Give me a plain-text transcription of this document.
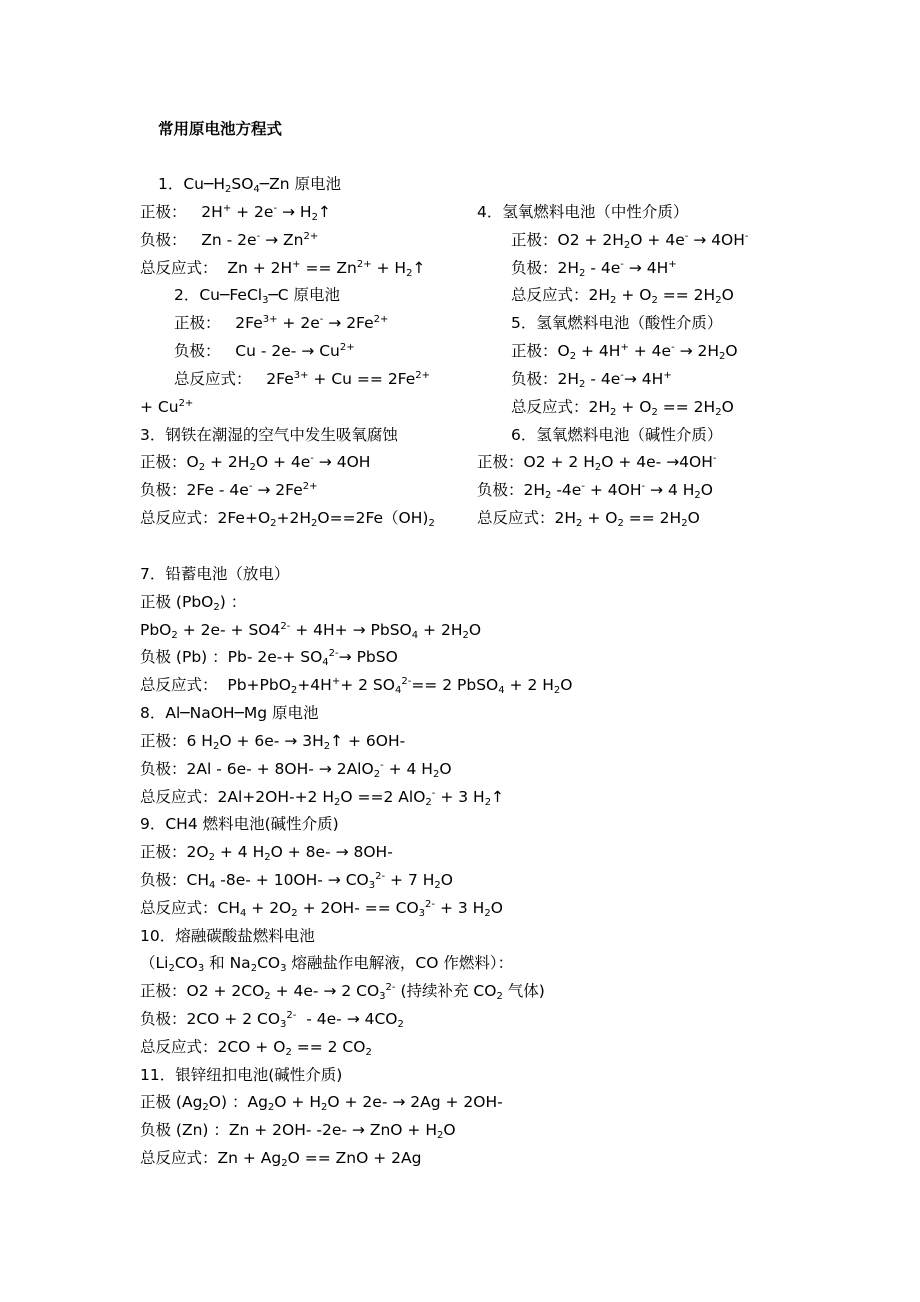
常用原电池方程式
1．$Cu─H_2SO_4─Zn$ 原电池
正极：   $2H^+ + 2e^- \to H_2↑$
负极：   $Zn - 2e^- \to Zn^{2+}$
总反应式：  $Zn + 2H^+ == Zn^{2+}$ + $H_2↑$
2．Cu─FeCl$_3$─C 原电池
正极：   $2Fe^{3+} + 2e^- \to 2Fe^{2+}$
负极：   $Cu - 2e- \to Cu^{2+}$
总反应式：   $2Fe^{3+} + Cu == 2Fe^{2+}$
+ $Cu^{2+}$
3．钢铁在潮湿的空气中发生吸氧腐蚀
正极：$O_2 + 2H_2O + 4e^- \to 4OH$
负极：$2Fe - 4e^- \to 2Fe^{2+}$
总反应式：$2Fe+O_2+2H_2O==2Fe(OH)_2$
4．氢氧燃料电池（中性介质）
正极：$O2 + 2H_2O + 4e^- \to 4OH^-$
负极：$2H_2 - 4e^- \to 4H^+$
总反应式：$2H_2 + O_2 == 2H_2O$
5．氢氧燃料电池（酸性介质）
正极：$O_2 + 4H^+ + 4e^- \to 2H_2O$
负极：$2H_2 - 4e^-\to 4H^+$
总反应式：$2H_2 + O_2 == 2H_2O$
6．氢氧燃料电池（碱性介质）
正极：O2 + 2 $H_2O + 4e- \to 4OH^-$
负极：$2H_2$ -4e- + 4OH- → 4 $H_2O$
总反应式：$2H_2 + O_2 == 2H_2O$
7．铅蓄电池（放电）
正极 (PbO$_2$) ：
$PbO_2 + 2e- + SO4^{2-} + 4H+$ → PbSO$_4$ + $2H_2O$
负极 (Pb) ：Pb- $2e-+ SO_4^{2-}\to$ PbSO
总反应式：  Pb+PbO$_2$+4H++ 2 $SO_4^{2-}== 2$ PbSO$_4$ + 2 $H_2O$
8．Al─NaOH─Mg 原电池
正极：6 $H_2O + 6e-$ → $3H_2↑ + 6OH-$
负极：2Al - 6e- + 8OH- → 2AlO$_2$- + 4 $H_2O$
总反应式：2Al+2OH-+2 $H_2O ==2$ AlO$_2$- + 3 $H_2↑$
9．CH4 燃料电池(碱性介质)
正极：$2O_2 + 4$ $H_2O + 8e- \to 8OH-$
负极：$CH_4$ $-8e- + 10OH- \to CO_3^{2-} + 7$ $H_2O$
总反应式：$CH_4 + 2O_2 + 2OH- == CO_3^{2-} + 3$ $H_2O$
10．熔融碳酸盐燃料电池
（$Li_2CO_3$ 和 $Na_2CO_3$ 熔融盐作电解液，CO 作燃料）：
正极：$O2 + 2CO_2 + 4e- \to 2$ $CO_3^{2-}$ (持续补充 $CO_2$ 气体)
负极：2CO + 2 $CO_3^{2-} - 4e- \to 4CO_2$
总反应式：$2CO + O_2 == 2$ $CO_2$
11．银锌纽扣电池(碱性介质)
正极 $(Ag_2O)$ ：$Ag_2O + H_2O + 2e- \to 2Ag + 2OH-$
负极 (Zn) ：Zn + 2OH- -2e- → ZnO + $H_2O$
总反应式：$Zn + Ag_2O$ == ZnO + 2Ag
